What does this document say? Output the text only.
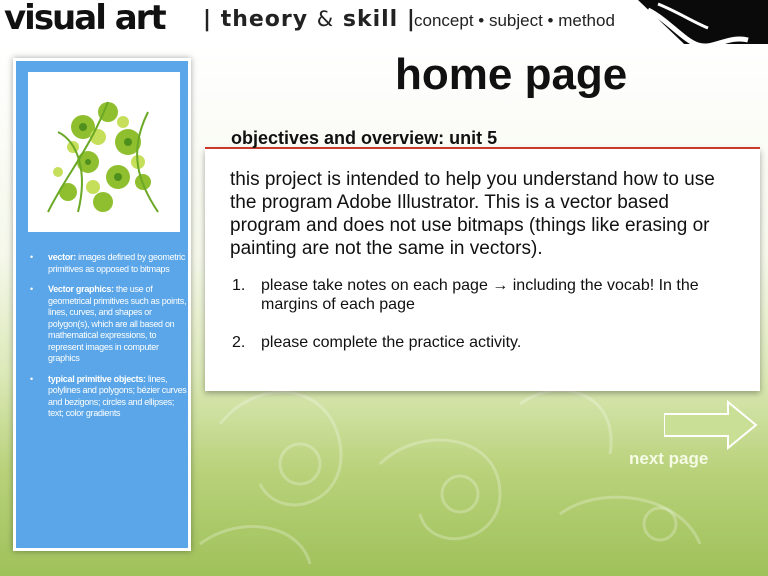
visual art | theory & skill |
concept • subject • method
• vector: images defined by geometric primitives as opposed to bitmaps
• Vector graphics: the use of geometrical primitives such as points, lines, curves, and shapes or polygon(s), which are all based on mathematical expressions, to represent images in computer graphics
• typical primitive objects: lines, polylines and polygons; bézier curves and bezigons; circles and ellipses; text; color gradients
home page
objectives and overview: unit 5
this project is intended to help you understand how to use the program Adobe Illustrator. This is a vector based program and does not use bitmaps (things like erasing or painting are not the same in vectors).
1. please take notes on each page → including the vocab! In the margins of each page
2. please complete the practice activity.
next page
